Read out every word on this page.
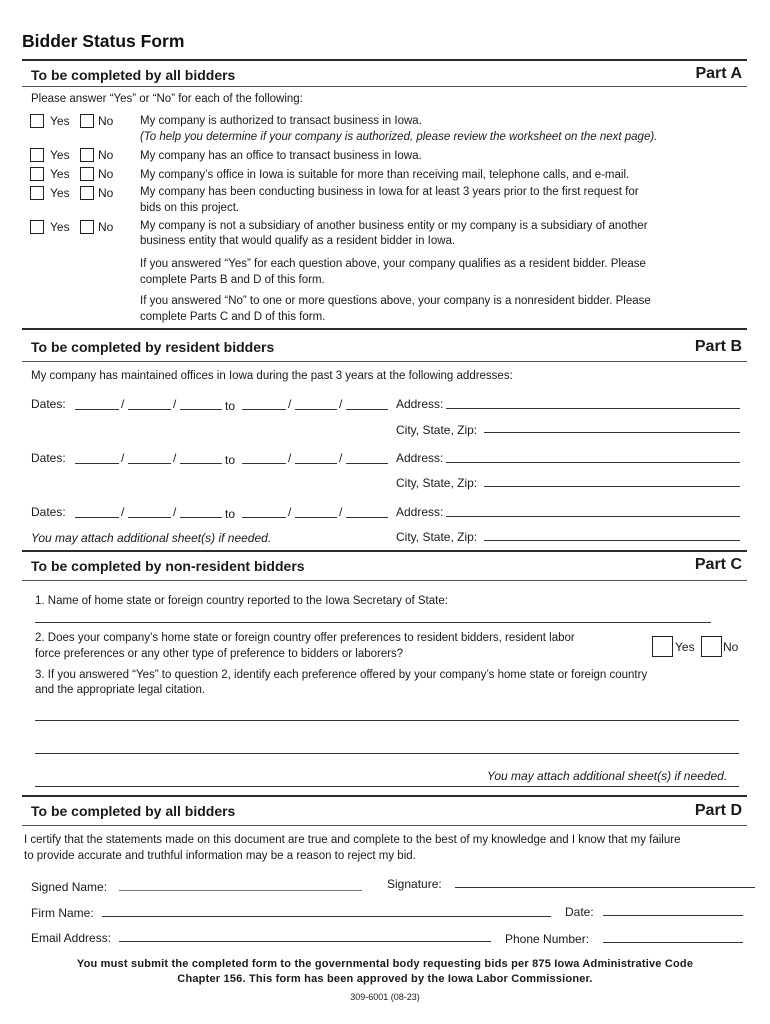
Bidder Status Form
To be completed by all bidders	Part A
Please answer “Yes” or “No” for each of the following:
Yes No My company is authorized to transact business in Iowa.
(To help you determine if your company is authorized, please review the worksheet on the next page).
Yes No My company has an office to transact business in Iowa.
Yes No My company’s office in Iowa is suitable for more than receiving mail, telephone calls, and e-mail.
Yes No My company has been conducting business in Iowa for at least 3 years prior to the first request for
bids on this project.
Yes No My company is not a subsidiary of another business entity or my company is a subsidiary of another
business entity that would qualify as a resident bidder in Iowa.
If you answered “Yes” for each question above, your company qualifies as a resident bidder. Please
complete Parts B and D of this form.
If you answered “No” to one or more questions above, your company is a nonresident bidder. Please
complete Parts C and D of this form.
To be completed by resident bidders	Part B
My company has maintained offices in Iowa during the past 3 years at the following addresses:
Dates:	/	/	to	/	/	Address:
City, State, Zip:
Dates:	/	/	to	/	/	Address:
City, State, Zip:
Dates:	/	/	to	/	/	Address:
You may attach additional sheet(s) if needed.	City, State, Zip:
To be completed by non-resident bidders	Part C
1. Name of home state or foreign country reported to the Iowa Secretary of State:
2. Does your company’s home state or foreign country offer preferences to resident bidders, resident labor
force preferences or any other type of preference to bidders or laborers?	Yes No
3. If you answered “Yes” to question 2, identify each preference offered by your company’s home state or foreign country
and the appropriate legal citation.
You may attach additional sheet(s) if needed.
To be completed by all bidders	Part D
I certify that the statements made on this document are true and complete to the best of my knowledge and I know that my failure
to provide accurate and truthful information may be a reason to reject my bid.
Signed Name:	Signature:
Firm Name:	Date:
Email Address:	Phone Number:
You must submit the completed form to the governmental body requesting bids per 875 Iowa Administrative Code
Chapter 156. This form has been approved by the Iowa Labor Commissioner.
309-6001 (08-23)
